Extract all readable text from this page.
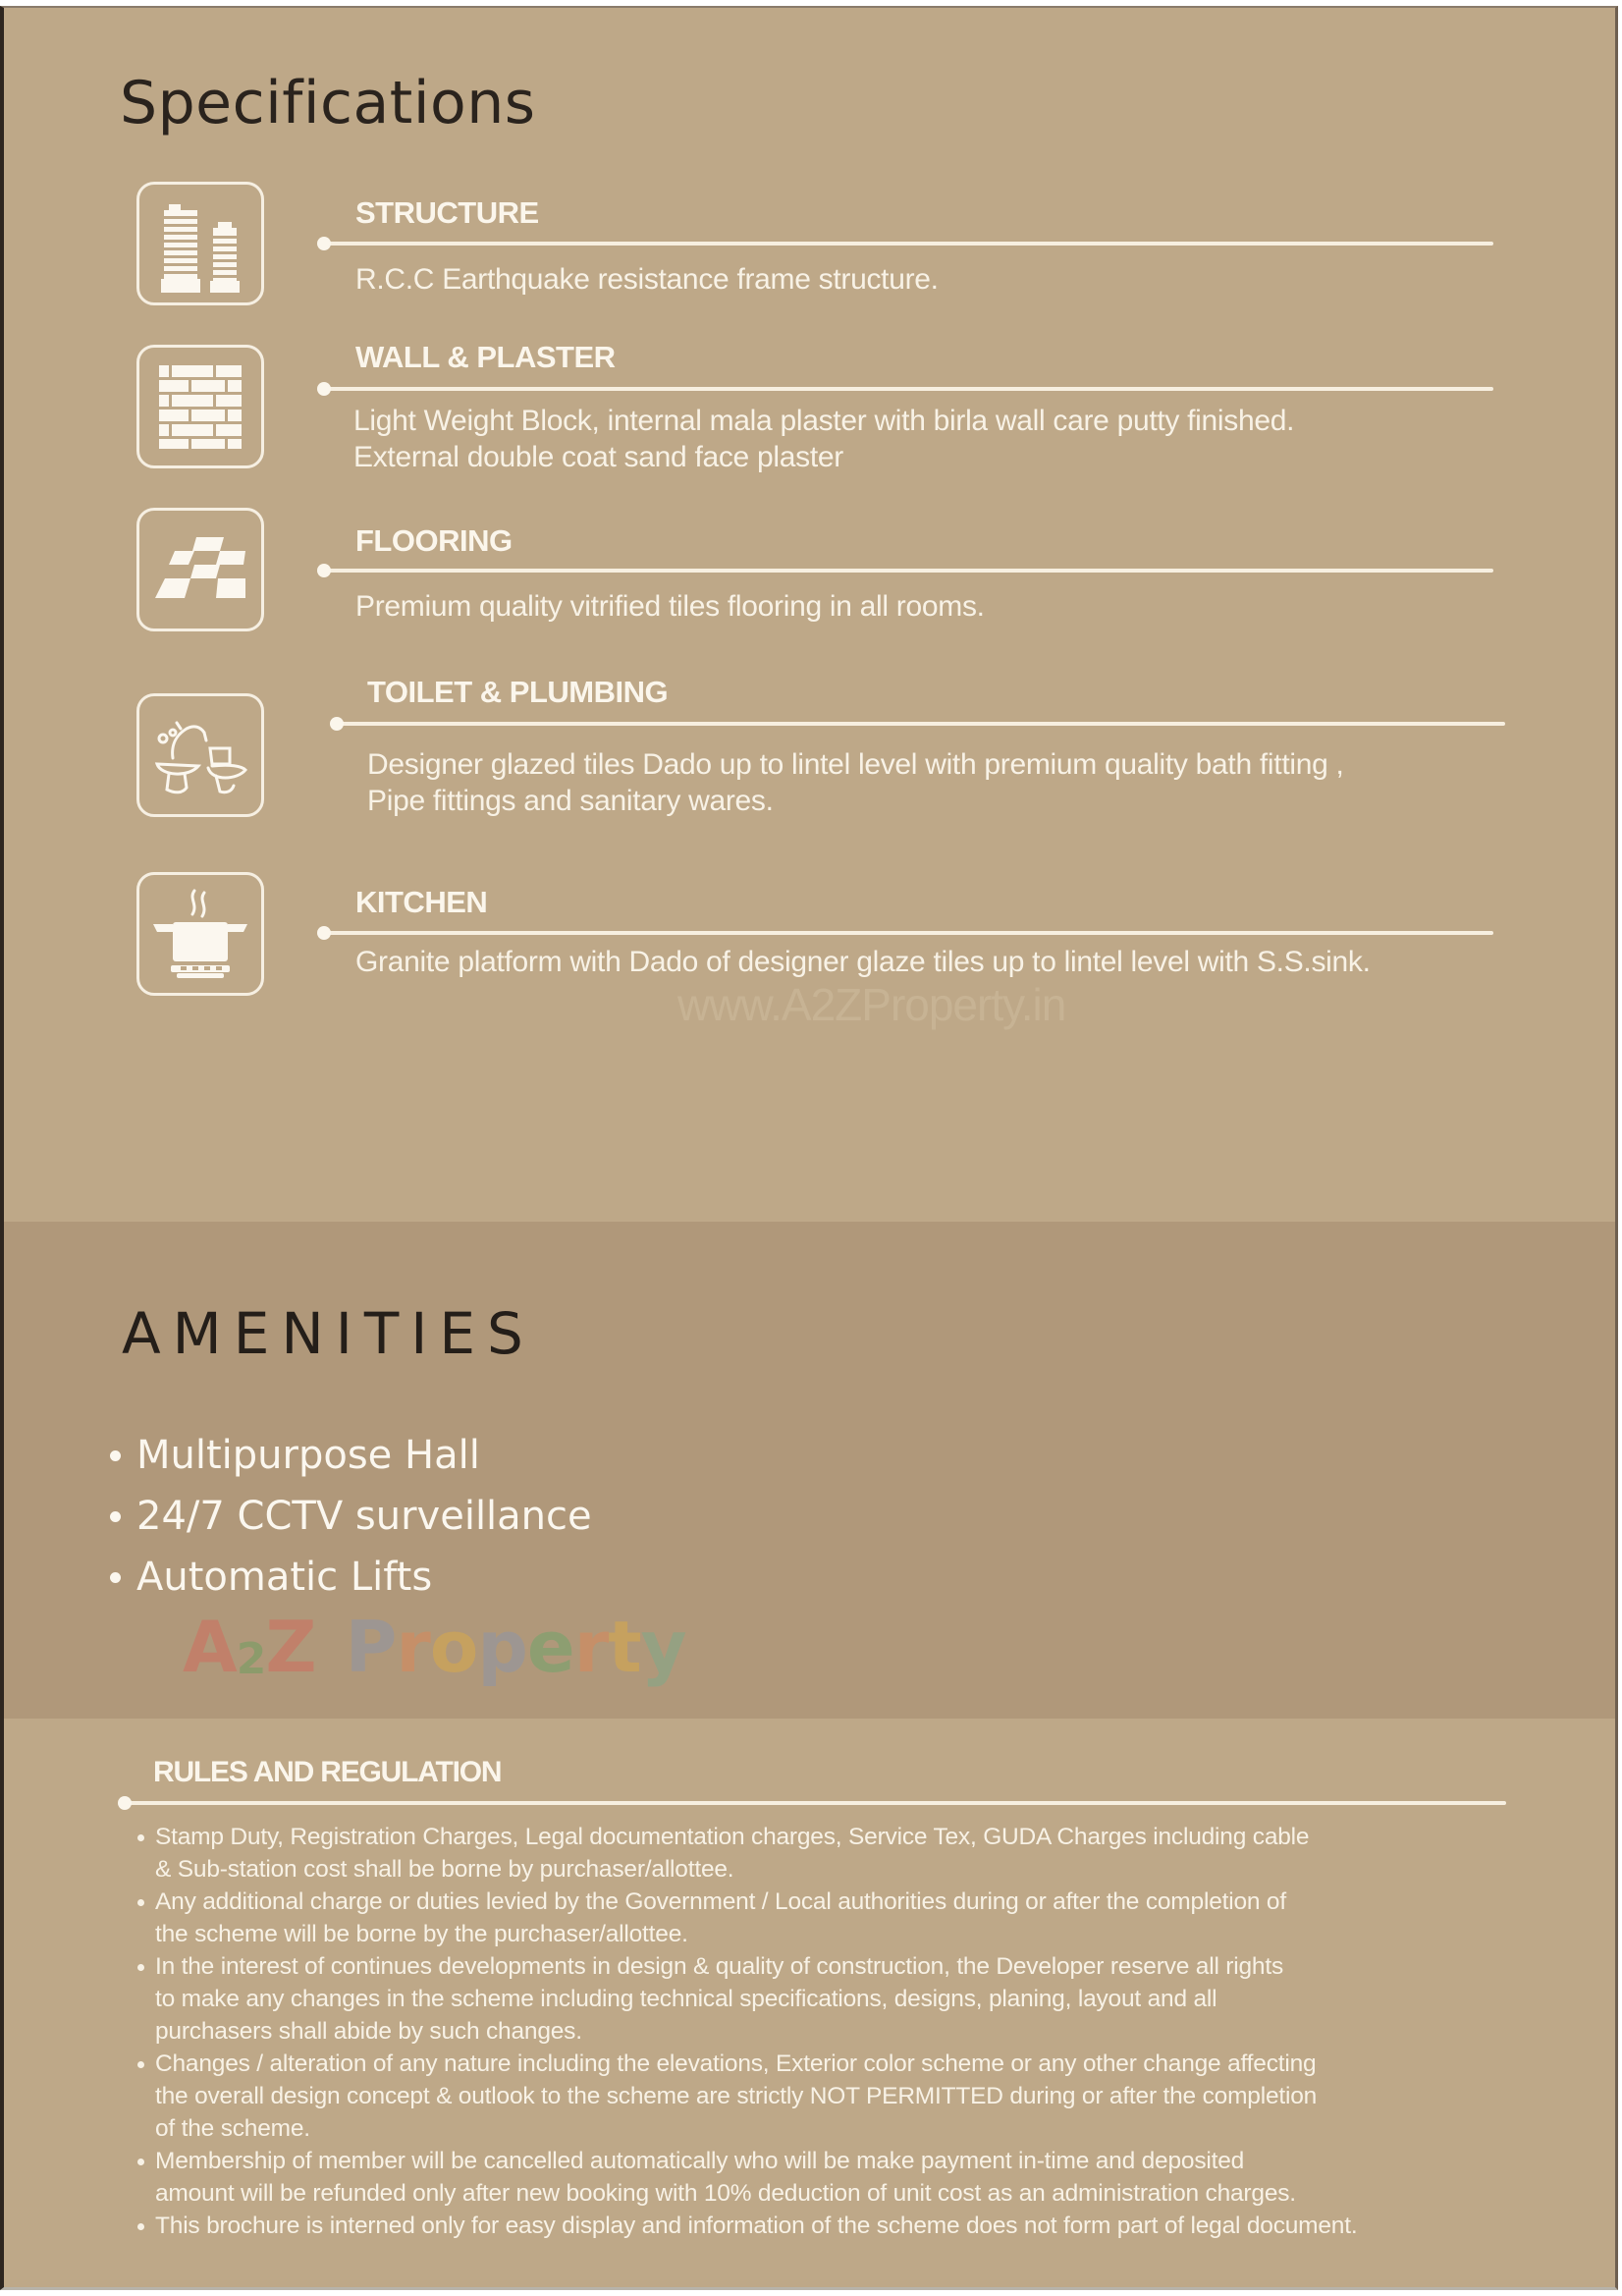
Specifications
STRUCTURE
R.C.C Earthquake resistance frame structure.
WALL & PLASTER
Light Weight Block, internal mala plaster with birla wall care putty finished.
External double coat sand face plaster
FLOORING
Premium quality vitrified tiles flooring in all rooms.
TOILET & PLUMBING
Designer glazed tiles Dado up to lintel level with premium quality bath fitting ,
Pipe fittings and sanitary wares.
KITCHEN
Granite platform with Dado of designer glaze tiles up to lintel level with S.S.sink.
www.A2ZProperty.in
AMENITIES
Multipurpose Hall
24/7 CCTV surveillance
Automatic Lifts
A2Z Property
RULES AND REGULATION
Stamp Duty, Registration Charges, Legal documentation charges, Service Tex, GUDA Charges including cable
& Sub-station cost shall be borne by purchaser/allottee.
Any additional charge or duties levied by the Government / Local authorities during or after the completion of
the scheme will be borne by the purchaser/allottee.
In the interest of continues developments in design & quality of construction, the Developer reserve all rights
to make any changes in the scheme including technical specifications, designs, planing, layout and all
purchasers shall abide by such changes.
Changes / alteration of any nature including the elevations, Exterior color scheme or any other change affecting
the overall design concept & outlook to the scheme are strictly NOT PERMITTED during or after the completion
of the scheme.
Membership of member will be cancelled automatically who will be make payment in-time and deposited
amount will be refunded only after new booking with 10% deduction of unit cost as an administration charges.
This brochure is interned only for easy display and information of the scheme does not form part of legal document.
